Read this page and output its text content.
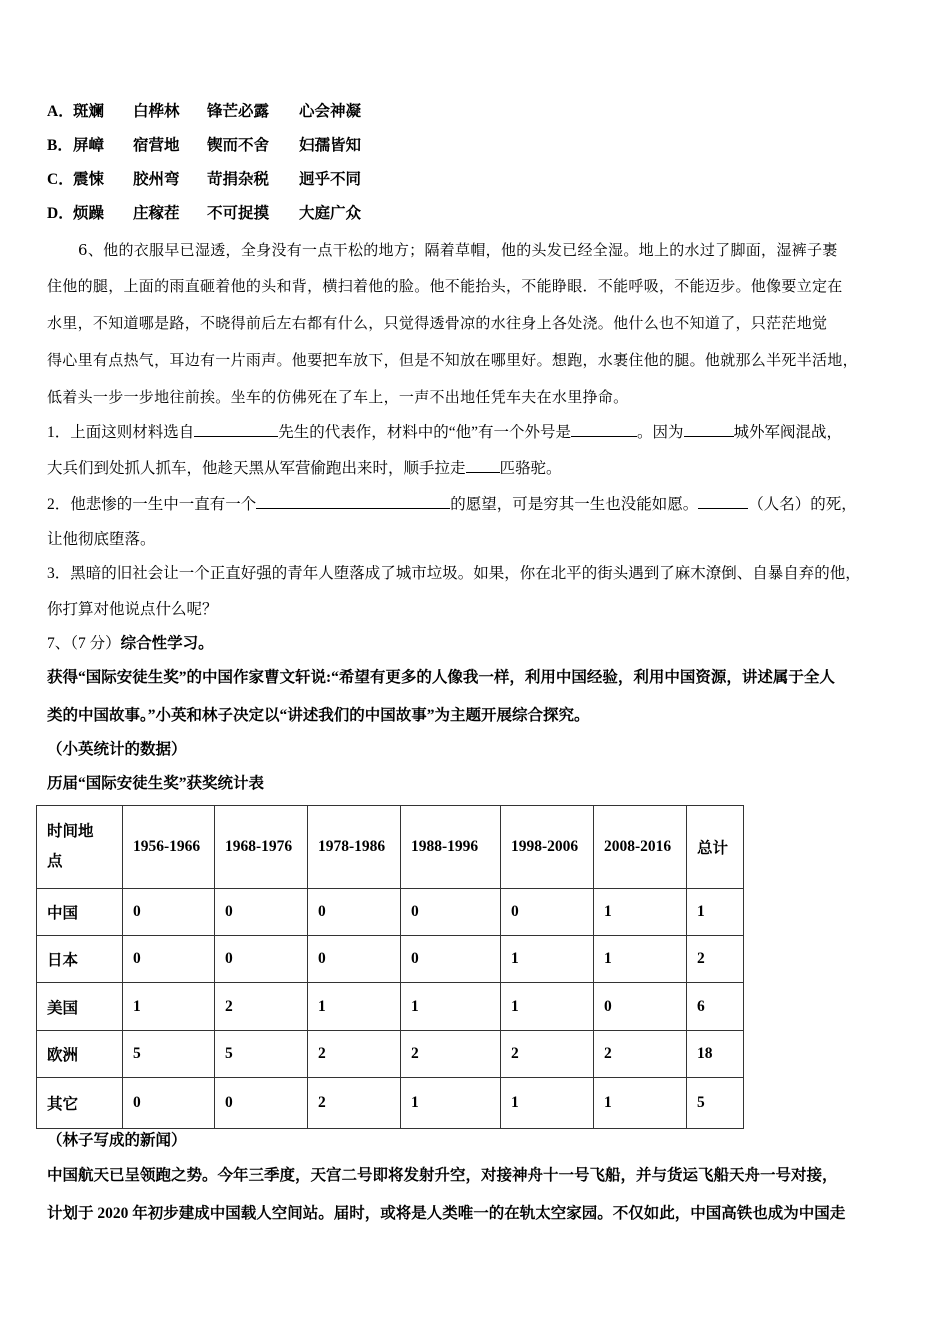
A．斑斓 白桦林 锋芒必露 心会神凝
B．屏嶂 宿营地 锲而不舍 妇孺皆知
C．震悚 胶州弯 苛捐杂税 迥乎不同
D．烦躁 庄稼茬 不可捉摸 大庭广众
6、他的衣服早已湿透，全身没有一点干松的地方；隔着草帽，他的头发已经全湿。地上的水过了脚面，湿裤子裹
住他的腿，上面的雨直砸着他的头和背，横扫着他的脸。他不能抬头，不能睁眼．不能呼吸，不能迈步。他像要立定在
水里，不知道哪是路，不晓得前后左右都有什么，只觉得透骨凉的水往身上各处浇。他什么也不知道了，只茫茫地觉
得心里有点热气，耳边有一片雨声。他要把车放下，但是不知放在哪里好。想跑，水裹住他的腿。他就那么半死半活地，
低着头一步一步地往前挨。坐车的仿佛死在了车上，一声不出地任凭车夫在水里挣命。
1．上面这则材料选自	先生的代表作，材料中的“他”有一个外号是	。因为	城外军阀混战，
大兵们到处抓人抓车，他趁天黑从军营偷跑出来时，顺手拉走 匹骆驼。
2．他悲惨的一生中一直有一个	的愿望，可是穷其一生也没能如愿。	（人名）的死，
让他彻底堕落。
3．黑暗的旧社会让一个正直好强的青年人堕落成了城市垃圾。如果，你在北平的街头遇到了麻木潦倒、自暴自弃的他，
你打算对他说点什么呢？
7、（7 分）综合性学习。
获得“国际安徒生奖”的中国作家曹文轩说:“希望有更多的人像我一样，利用中国经验，利用中国资源，讲述属于全人
类的中国故事。”小英和林子决定以“讲述我们的中国故事”为主题开展综合探究。
（小英统计的数据）
历届“国际安徒生奖”获奖统计表
时间地
点	1956-1966	1968-1976	1978-1986	1988-1996	1998-2006	2008-2016	总计
中国	0	0	0	0	0	1	1
日本	0	0	0	0	1	1	2
美国	1	2	1	1	1	0	6
欧洲	5	5	2	2	2	2	18
其它	0	0	2	1	1	1	5
（林子写成的新闻）
中国航天已呈领跑之势。今年三季度，天宫二号即将发射升空，对接神舟十一号飞船，并与货运飞船天舟一号对接，
计划于 2020 年初步建成中国载人空间站。届时，或将是人类唯一的在轨太空家园。不仅如此，中国高铁也成为中国走
